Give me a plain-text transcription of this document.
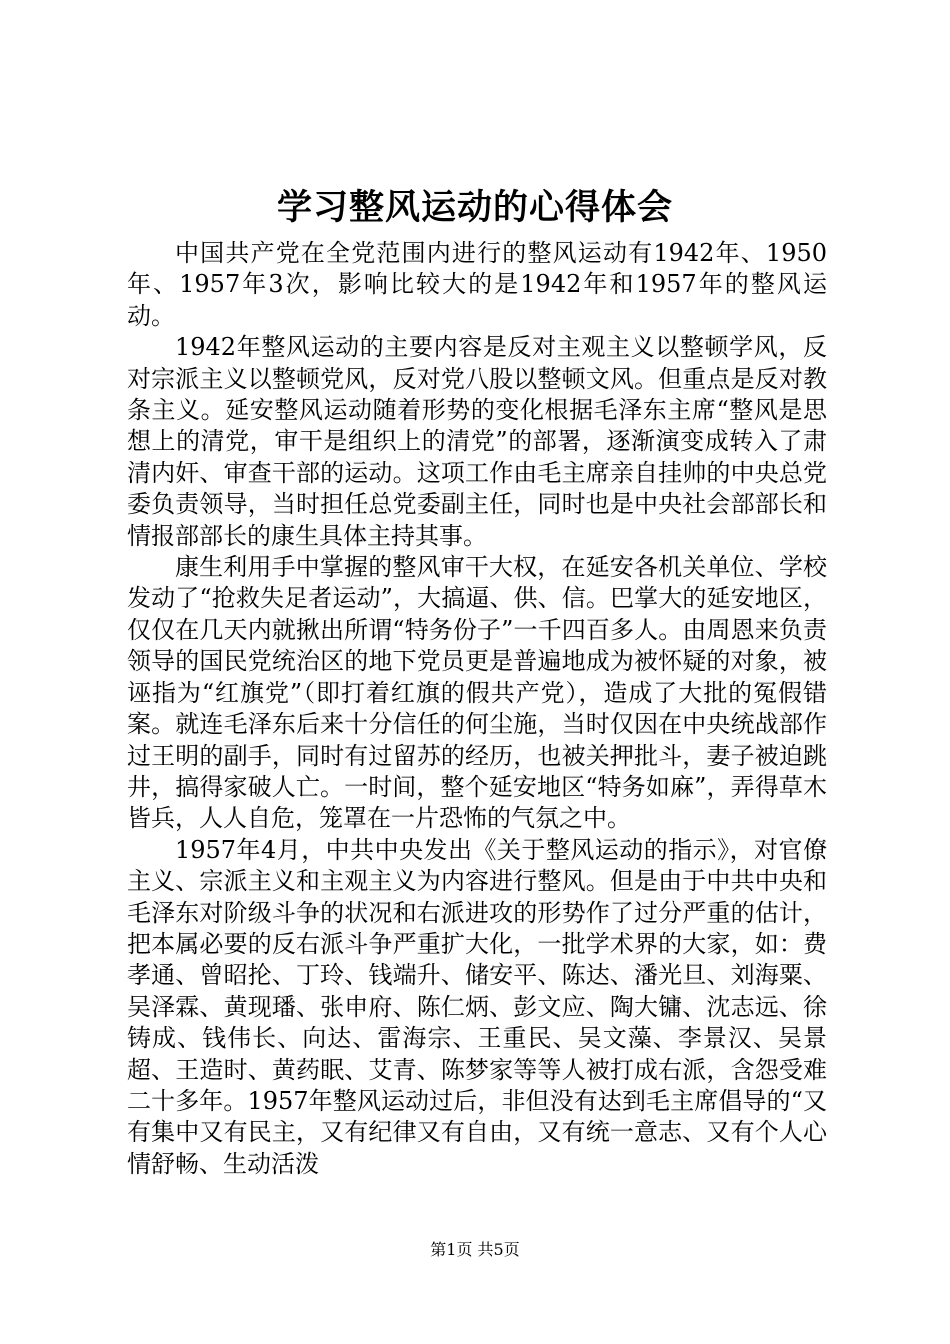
学习整风运动的心得体会

中国共产党在全党范围内进行的整风运动有1942年、1950年、1957年3次，影响比较大的是1942年和1957年的整风运动。

1942年整风运动的主要内容是反对主观主义以整顿学风，反对宗派主义以整顿党风，反对党八股以整顿文风。但重点是反对教条主义。延安整风运动随着形势的变化根据毛泽东主席“整风是思想上的清党，审干是组织上的清党”的部署，逐渐演变成转入了肃清内奸、审查干部的运动。这项工作由毛主席亲自挂帅的中央总党委负责领导，当时担任总党委副主任，同时也是中央社会部部长和情报部部长的康生具体主持其事。

康生利用手中掌握的整风审干大权，在延安各机关单位、学校发动了“抢救失足者运动”，大搞逼、供、信。巴掌大的延安地区，仅仅在几天内就揪出所谓“特务份子”一千四百多人。由周恩来负责领导的国民党统治区的地下党员更是普遍地成为被怀疑的对象，被诬指为“红旗党”（即打着红旗的假共产党），造成了大批的冤假错案。就连毛泽东后来十分信任的何尘施，当时仅因在中央统战部作过王明的副手，同时有过留苏的经历，也被关押批斗，妻子被迫跳井，搞得家破人亡。一时间，整个延安地区“特务如麻”，弄得草木皆兵，人人自危，笼罩在一片恐怖的气氛之中。

1957年4月，中共中央发出《关于整风运动的指示》，对官僚主义、宗派主义和主观主义为内容进行整风。但是由于中共中央和毛泽东对阶级斗争的状况和右派进攻的形势作了过分严重的估计，把本属必要的反右派斗争严重扩大化，一批学术界的大家，如：费孝通、曾昭抡、丁玲、钱端升、储安平、陈达、潘光旦、刘海粟、吴泽霖、黄现璠、张申府、陈仁炳、彭文应、陶大镛、沈志远、徐铸成、钱伟长、向达、雷海宗、王重民、吴文藻、李景汉、吴景超、王造时、黄药眠、艾青、陈梦家等等人被打成右派，含怨受难二十多年。1957年整风运动过后，非但没有达到毛主席倡导的“又有集中又有民主，又有纪律又有自由，又有统一意志、又有个人心情舒畅、生动活泼

第1页 共5页
